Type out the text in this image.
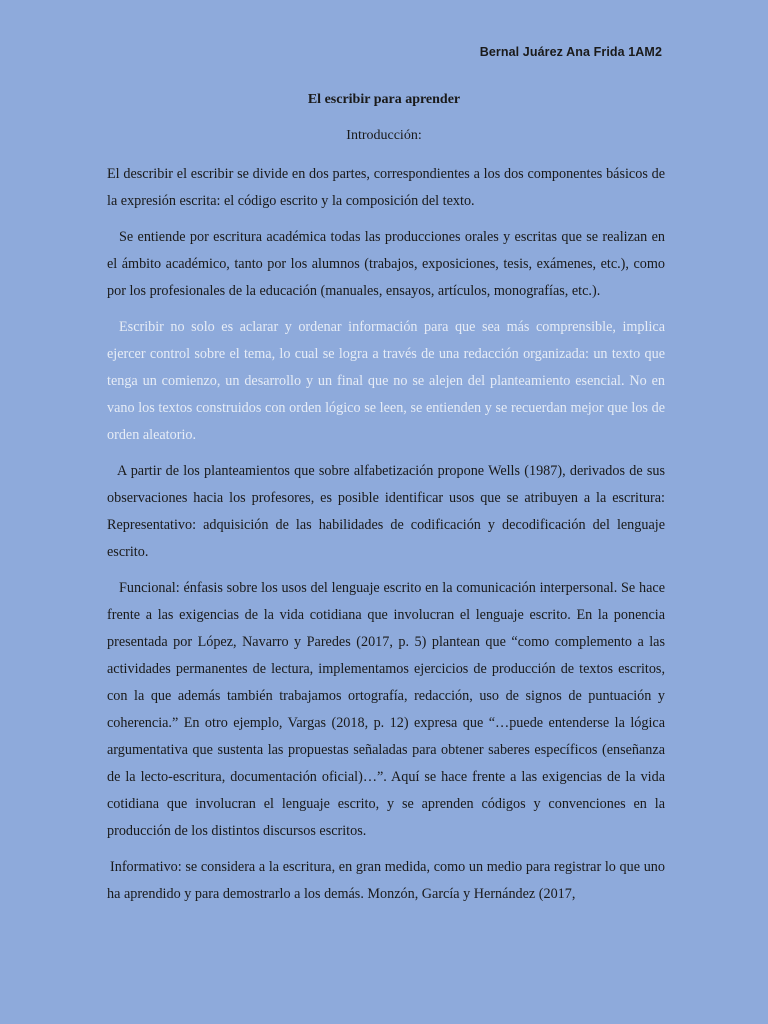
Bernal Juárez Ana Frida 1AM2
El escribir para aprender
Introducción:

El describir el escribir se divide en dos partes, correspondientes a los dos componentes básicos de la expresión escrita: el código escrito y la composición del texto.

Se entiende por escritura académica todas las producciones orales y escritas que se realizan en el ámbito académico, tanto por los alumnos (trabajos, exposiciones, tesis, exámenes, etc.), como por los profesionales de la educación (manuales, ensayos, artículos, monografías, etc.).

Escribir no solo es aclarar y ordenar información para que sea más comprensible, implica ejercer control sobre el tema, lo cual se logra a través de una redacción organizada: un texto que tenga un comienzo, un desarrollo y un final que no se alejen del planteamiento esencial. No en vano los textos construidos con orden lógico se leen, se entienden y se recuerdan mejor que los de orden aleatorio.

A partir de los planteamientos que sobre alfabetización propone Wells (1987), derivados de sus observaciones hacia los profesores, es posible identificar usos que se atribuyen a la escritura: Representativo: adquisición de las habilidades de codificación y decodificación del lenguaje escrito.

Funcional: énfasis sobre los usos del lenguaje escrito en la comunicación interpersonal. Se hace frente a las exigencias de la vida cotidiana que involucran el lenguaje escrito. En la ponencia presentada por López, Navarro y Paredes (2017, p. 5) plantean que “como complemento a las actividades permanentes de lectura, implementamos ejercicios de producción de textos escritos, con la que además también trabajamos ortografía, redacción, uso de signos de puntuación y coherencia.” En otro ejemplo, Vargas (2018, p. 12) expresa que “…puede entenderse la lógica argumentativa que sustenta las propuestas señaladas para obtener saberes específicos (enseñanza de la lecto-escritura, documentación oficial)…”. Aquí se hace frente a las exigencias de la vida cotidiana que involucran el lenguaje escrito, y se aprenden códigos y convenciones en la producción de los distintos discursos escritos.

Informativo: se considera a la escritura, en gran medida, como un medio para registrar lo que uno ha aprendido y para demostrarlo a los demás. Monzón, García y Hernández (2017,
